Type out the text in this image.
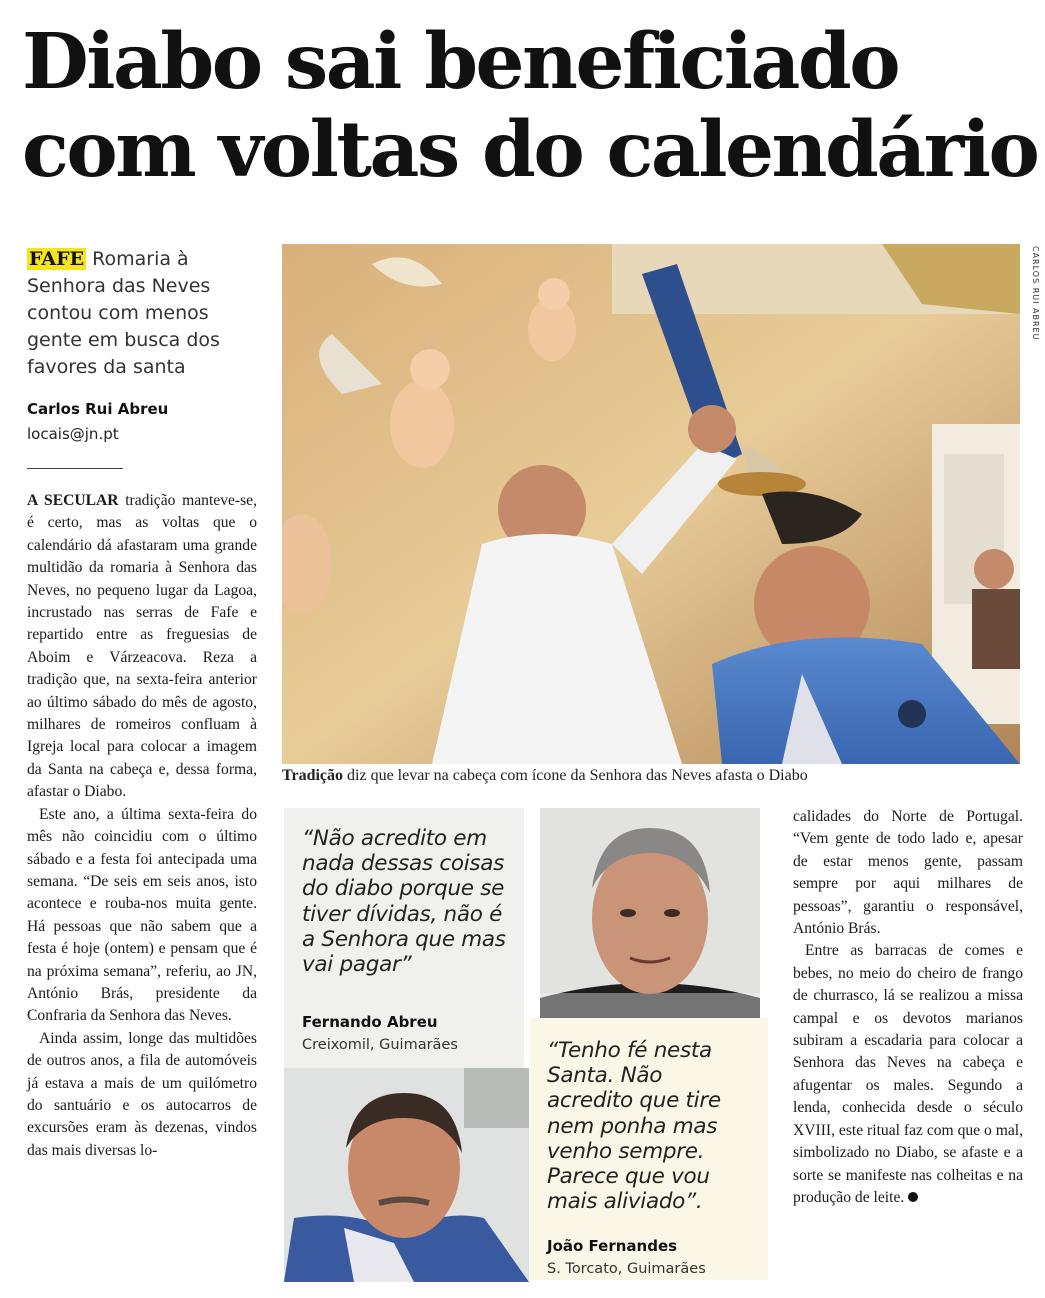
Diabo sai beneficiado
com voltas do calendário
FAFE Romaria à Senhora das Neves contou com menos gente em busca dos favores da santa
Carlos Rui Abreu
locais@jn.pt

A SECULAR tradição manteve-se, é certo, mas as voltas que o calendário dá afastaram uma grande multidão da romaria à Senhora das Neves, no pequeno lugar da Lagoa, incrustado nas serras de Fafe e repartido entre as freguesias de Aboim e Várzeacova. Reza a tradição que, na sexta-feira anterior ao último sábado do mês de agosto, milhares de romeiros confluam à Igreja local para colocar a imagem da Santa na cabeça e, dessa forma, afastar o Diabo.

Este ano, a última sexta-feira do mês não coincidiu com o último sábado e a festa foi antecipada uma semana. “De seis em seis anos, isto acontece e rouba-nos muita gente. Há pessoas que não sabem que a festa é hoje (ontem) e pensam que é na próxima semana”, referiu, ao JN, António Brás, presidente da Confraria da Senhora das Neves.

Ainda assim, longe das multidões de outros anos, a fila de automóveis já estava a mais de um quilómetro do santuário e os autocarros de excursões eram às dezenas, vindos das mais diversas lo-

CARLOS RUI ABREU
Tradição diz que levar na cabeça com ícone da Senhora das Neves afasta o Diabo
“Não acredito em nada dessas coisas do diabo porque se tiver dívidas, não é a Senhora que mas vai pagar”
Fernando Abreu
Creixomil, Guimarães	“Tenho fé nesta Santa. Não acredito que tire nem ponha mas venho sempre. Parece que vou mais aliviado”.
João Fernandes
S. Torcato, Guimarães

calidades do Norte de Portugal. “Vem gente de todo lado e, apesar de estar menos gente, passam sempre por aqui milhares de pessoas”, garantiu o responsável, António Brás.

Entre as barracas de comes e bebes, no meio do cheiro de frango de churrasco, lá se realizou a missa campal e os devotos marianos subiram a escadaria para colocar a Senhora das Neves na cabeça e afugentar os males. Segundo a lenda, conhecida desde o século XVIII, este ritual faz com que o mal, simbolizado no Diabo, se afaste e a sorte se manifeste nas colheitas e na produção de leite.
